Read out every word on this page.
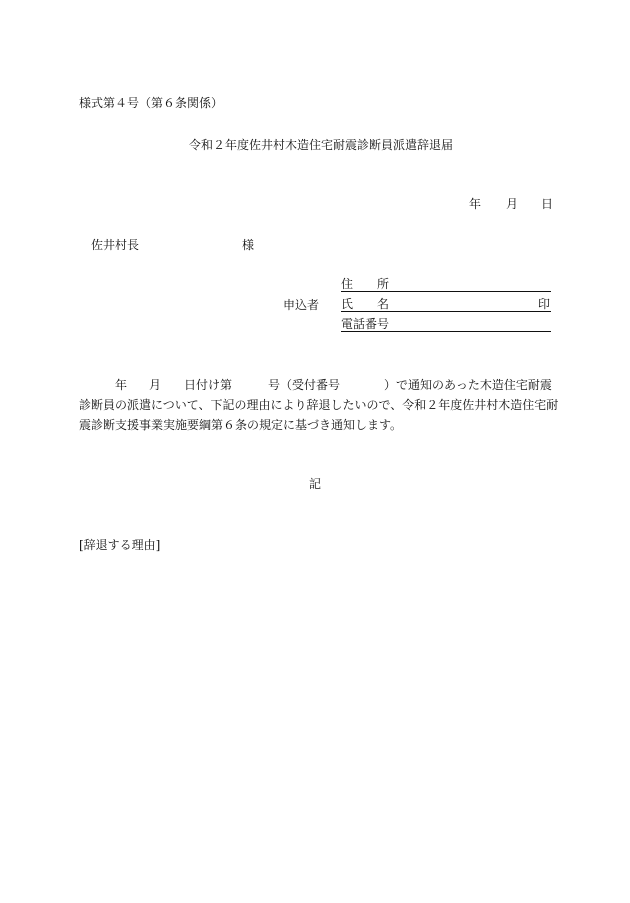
様式第４号（第６条関係）
令和２年度佐井村木造住宅耐震診断員派遣辞退届
年 月 日
佐井村長	様
申込者
住　　所
氏　　名	印
電話番号
年 月 日付け第	号（受付番号	）で通知のあった木造住宅耐震
診断員の派遣について、下記の理由により辞退したいので、令和２年度佐井村木造住宅耐
震診断支援事業実施要綱第６条の規定に基づき通知します。
記
[辞退する理由]
